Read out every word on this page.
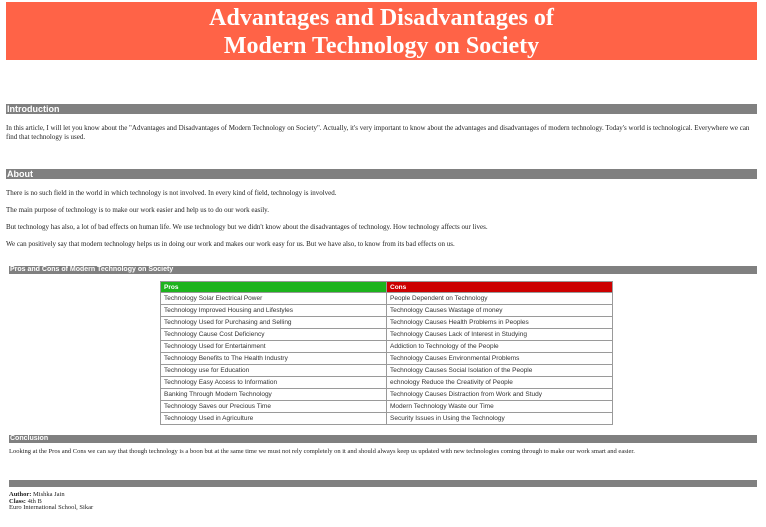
Advantages and Disadvantages of
Modern Technology on Society
Introduction

In this article, I will let you know about the "Advantages and Disadvantages of Modern Technology on Society". Actually, it's very important to know about the advantages and disadvantages of modern technology. Today's world is technological. Everywhere we can find that technology is used.

About

There is no such field in the world in which technology is not involved. In every kind of field, technology is involved.

The main purpose of technology is to make our work easier and help us to do our work easily.

But technology has also, a lot of bad effects on human life. We use technology but we didn't know about the disadvantages of technology. How technology affects our lives.

We can positively say that modern technology helps us in doing our work and makes our work easy for us. But we have also, to know from its bad effects on us.

Pros and Cons of Modern Technology on Society
Pros	Cons
Technology Solar Electrical Power	People Dependent on Technology
Technology Improved Housing and Lifestyles	Technology Causes Wastage of money
Technology Used for Purchasing and Selling	Technology Causes Health Problems in Peoples
Technology Cause Cost Deficiency	Technology Causes Lack of Interest in Studying
Technology Used for Entertainment	Addiction to Technology of the People
Technology Benefits to The Health Industry	Technology Causes Environmental Problems
Technology use for Education	Technology Causes Social Isolation of the People
Technology Easy Access to Information	echnology Reduce the Creativity of People
Banking Through Modern Technology	Technology Causes Distraction from Work and Study
Technology Saves our Precious Time	Modern Technology Waste our Time
Technology Used in Agriculture	Security Issues in Using the Technology
Conclusion

Looking at the Pros and Cons we can say that though technology is a boon but at the same time we must not rely completely on it and should always keep us updated with new technologies coming through to make our work smart and easier.

Author: Mishka Jain
Class: 4th B
Euro International School, Sikar
